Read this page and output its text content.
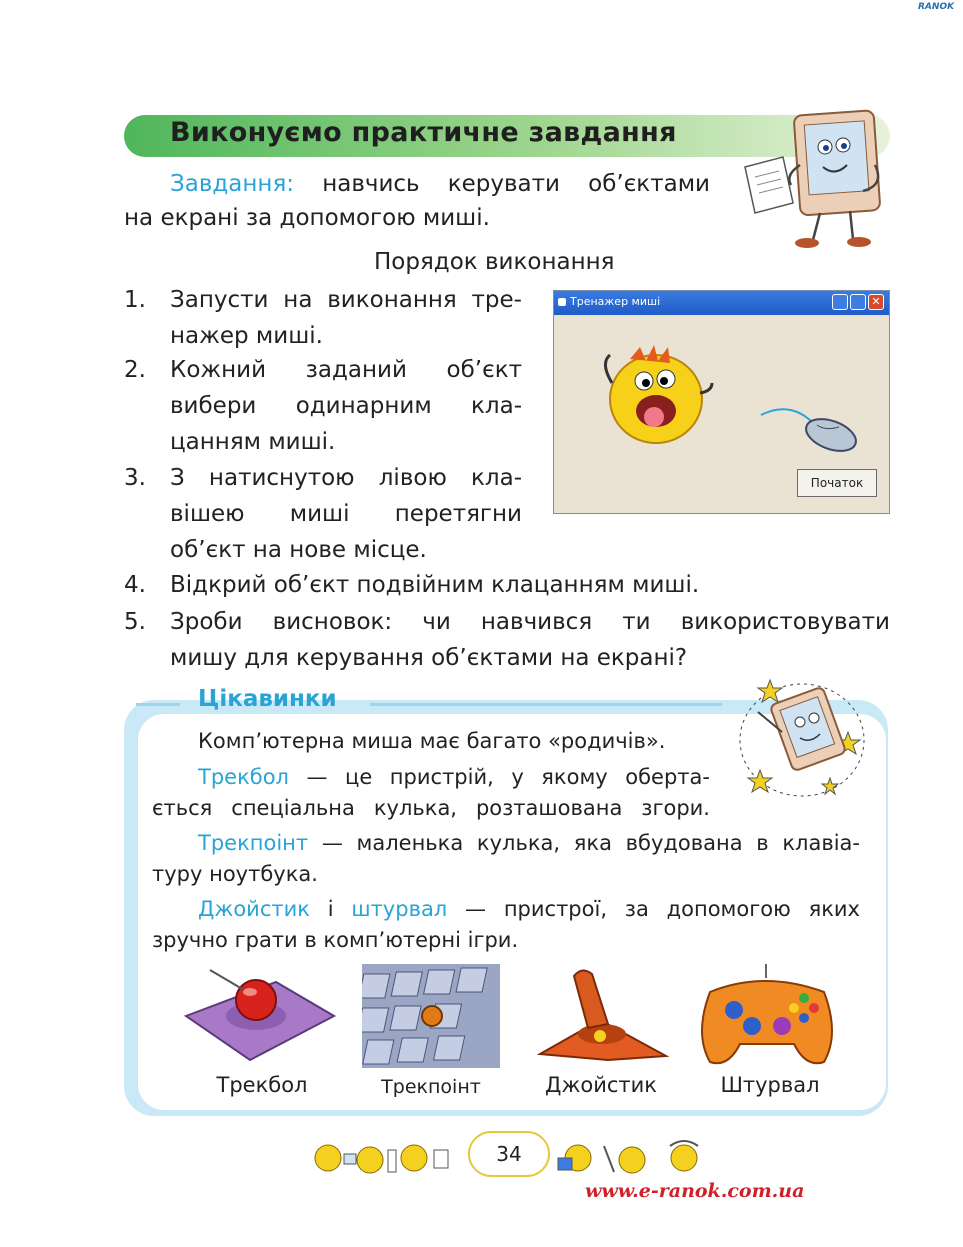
RANOK
Виконуємо практичне завдання
Завдання: навчись керувати об’єктами
на екрані за допомогою миші.
Порядок виконання
1.	Запусти на виконання тре-
нажер миші.
2.	Кожний заданий об’єкт
вибери одинарним кла-
цанням миші.
3.	З натиснутою лівою кла-
вішею миші перетягни
об’єкт на нове місце.
4.	Відкрий об’єкт подвійним клацанням миші.
5.	Зроби висновок: чи навчився ти використовувати
мишу для керування об’єктами на екрані?
Тренажер миші	✕
Початок
Цікавинки
Комп’ютерна миша має багато «родичів».
Трекбол — це пристрій, у якому оберта-
ється спеціальна кулька, розташована згори.
Трекпоінт — маленька кулька, яка вбудована в клавіа-
туру ноутбука.
Джойстик і штурвал — пристрої, за допомогою яких
зручно грати в комп’ютерні ігри.
Трекбол	Трекпоінт	Джойстик	Штурвал
34
www.e-ranok.com.ua
